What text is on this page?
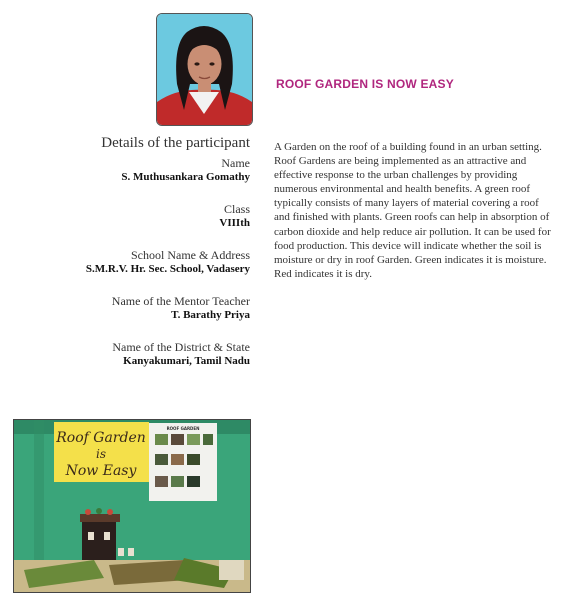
ROOF GARDEN IS NOW EASY
Details of the participant
Name
S. Muthusankara Gomathy
Class
VIIIth
School Name & Address
S.M.R.V. Hr. Sec. School, Vadasery
Name of the Mentor Teacher
T. Barathy Priya
Name of the District & State
Kanyakumari, Tamil Nadu
A Garden on the roof of a building found in an urban setting. Roof Gardens are being implemented as an attractive and effective response to the urban challenges by providing numerous environmental and health benefits. A green roof typically consists of many layers of material covering a roof and finished with plants. Green roofs can help in absorption of carbon dioxide and help reduce air pollution. It can be used for food production. This device will indicate whether the soil is moisture or dry in roof Garden. Green indicates it is moisture. Red indicates it is dry.
Roof Garden
is
Now Easy
ROOF GARDEN
